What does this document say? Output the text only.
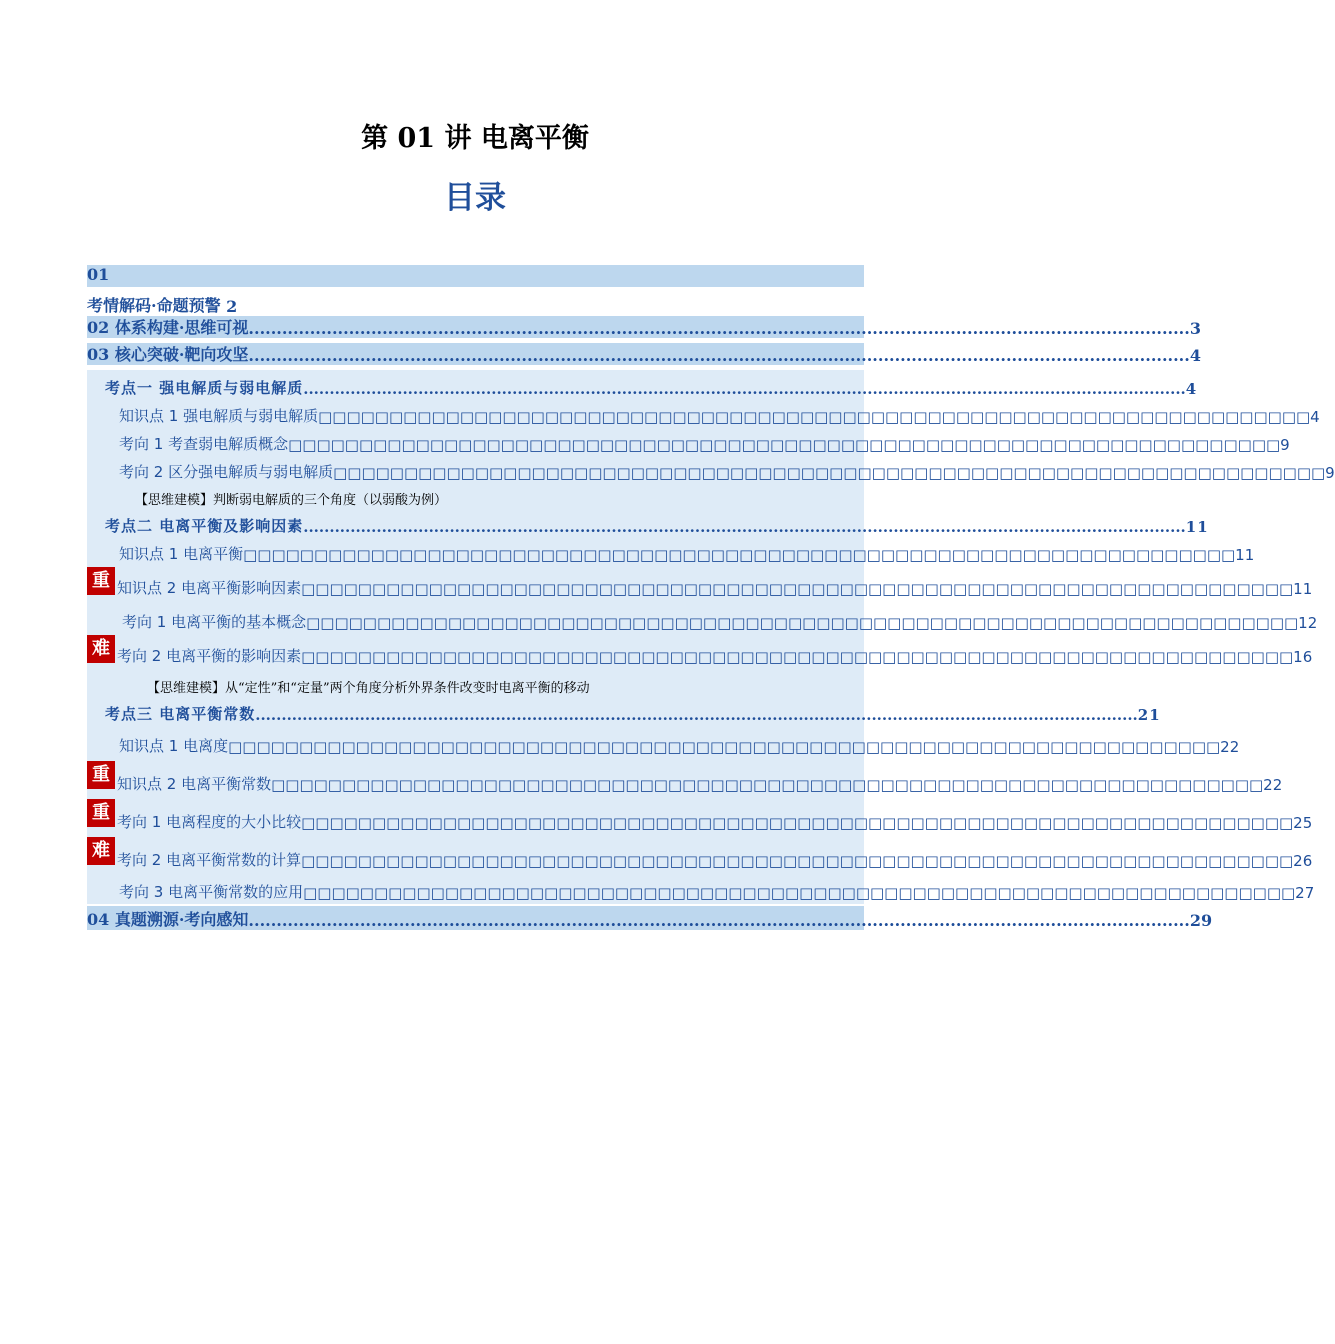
第 01 讲 电离平衡
目录
01
考情解码·命题预警
2
02 体系构建·思维可视 ......................................................................................................................................................................... 3
03 核心突破·靶向攻坚 ......................................................................................................................................................................... 4
考点一 强电解质与弱电解质 ......................................................................................................................................................................... 4
知识点 1 强电解质与弱电解质 □□□□□□□□□□□□□□□□□□□□□□□□□□□□□□□□□□□□□□□□□□□□□□□□□□□□□□□□□□□□□□□□□□□□□□ 4
考向 1 考查弱电解质概念 □□□□□□□□□□□□□□□□□□□□□□□□□□□□□□□□□□□□□□□□□□□□□□□□□□□□□□□□□□□□□□□□□□□□□□ 9
考向 2 区分强电解质与弱电解质 □□□□□□□□□□□□□□□□□□□□□□□□□□□□□□□□□□□□□□□□□□□□□□□□□□□□□□□□□□□□□□□□□□□□□□ 9
【思维建模】判断弱电解质的三个角度（以弱酸为例）
考点二 电离平衡及影响因素 ......................................................................................................................................................................... 11
知识点 1 电离平衡 □□□□□□□□□□□□□□□□□□□□□□□□□□□□□□□□□□□□□□□□□□□□□□□□□□□□□□□□□□□□□□□□□□□□□□ 11
重 知识点 2 电离平衡影响因素 □□□□□□□□□□□□□□□□□□□□□□□□□□□□□□□□□□□□□□□□□□□□□□□□□□□□□□□□□□□□□□□□□□□□□□ 11
考向 1 电离平衡的基本概念 □□□□□□□□□□□□□□□□□□□□□□□□□□□□□□□□□□□□□□□□□□□□□□□□□□□□□□□□□□□□□□□□□□□□□□ 12
难 考向 2 电离平衡的影响因素 □□□□□□□□□□□□□□□□□□□□□□□□□□□□□□□□□□□□□□□□□□□□□□□□□□□□□□□□□□□□□□□□□□□□□□ 16
【思维建模】从“定性”和“定量”两个角度分析外界条件改变时电离平衡的移动
考点三 电离平衡常数 ......................................................................................................................................................................... 21
知识点 1 电离度 □□□□□□□□□□□□□□□□□□□□□□□□□□□□□□□□□□□□□□□□□□□□□□□□□□□□□□□□□□□□□□□□□□□□□□ 22
重 知识点 2 电离平衡常数 □□□□□□□□□□□□□□□□□□□□□□□□□□□□□□□□□□□□□□□□□□□□□□□□□□□□□□□□□□□□□□□□□□□□□□ 22
重 考向 1 电离程度的大小比较 □□□□□□□□□□□□□□□□□□□□□□□□□□□□□□□□□□□□□□□□□□□□□□□□□□□□□□□□□□□□□□□□□□□□□□ 25
难 考向 2 电离平衡常数的计算 □□□□□□□□□□□□□□□□□□□□□□□□□□□□□□□□□□□□□□□□□□□□□□□□□□□□□□□□□□□□□□□□□□□□□□ 26
考向 3 电离平衡常数的应用 □□□□□□□□□□□□□□□□□□□□□□□□□□□□□□□□□□□□□□□□□□□□□□□□□□□□□□□□□□□□□□□□□□□□□□ 27
04 真题溯源·考向感知 ......................................................................................................................................................................... 29
